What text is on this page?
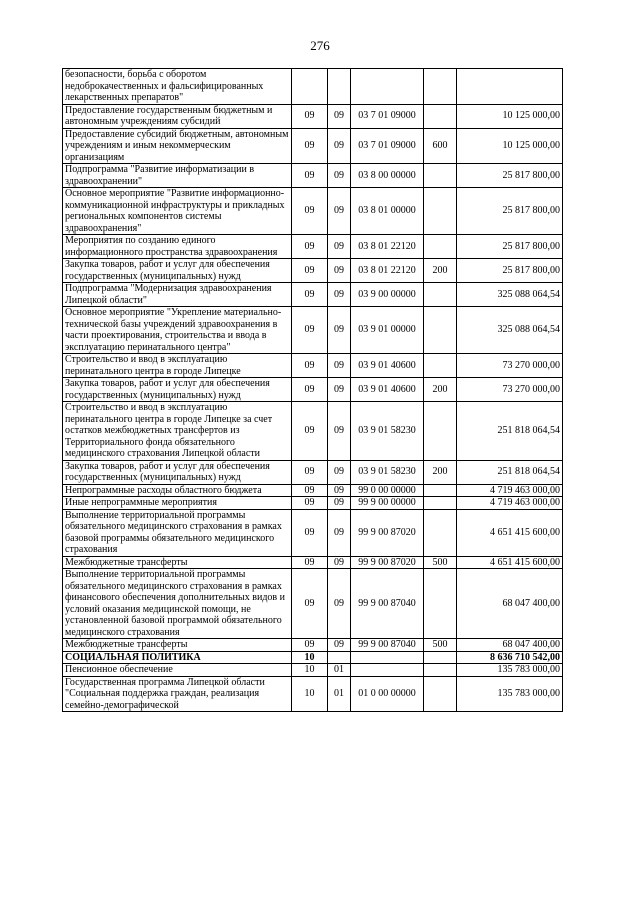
276
безопасности, борьба с оборотом недоброкачественных и фальсифицированных лекарственных препаратов"					
Предоставление государственным бюджетным и автономным учреждениям субсидий	09	09	03 7 01 09000		10 125 000,00
Предоставление субсидий бюджетным, автономным учреждениям и иным некоммерческим организациям	09	09	03 7 01 09000	600	10 125 000,00
Подпрограмма "Развитие информатизации в здравоохранении"	09	09	03 8 00 00000		25 817 800,00
Основное мероприятие "Развитие информационно-коммуникационной инфраструктуры и прикладных региональных компонентов системы здравоохранения"	09	09	03 8 01 00000		25 817 800,00
Мероприятия по созданию единого информационного пространства здравоохранения	09	09	03 8 01 22120		25 817 800,00
Закупка товаров, работ и услуг для обеспечения государственных (муниципальных) нужд	09	09	03 8 01 22120	200	25 817 800,00
Подпрограмма "Модернизация здравоохранения Липецкой области"	09	09	03 9 00 00000		325 088 064,54
Основное мероприятие "Укрепление материально-технической базы учреждений здравоохранения в части проектирования, строительства и ввода в эксплуатацию перинатального центра"	09	09	03 9 01 00000		325 088 064,54
Строительство и ввод в эксплуатацию перинатального центра в городе Липецке	09	09	03 9 01 40600		73 270 000,00
Закупка товаров, работ и услуг для обеспечения государственных (муниципальных) нужд	09	09	03 9 01 40600	200	73 270 000,00
Строительство и ввод в эксплуатацию перинатального центра в городе Липецке за счет остатков межбюджетных трансфертов из Территориального фонда обязательного медицинского страхования Липецкой области	09	09	03 9 01 58230		251 818 064,54
Закупка товаров, работ и услуг для обеспечения государственных (муниципальных) нужд	09	09	03 9 01 58230	200	251 818 064,54
Непрограммные расходы областного бюджета	09	09	99 0 00 00000		4 719 463 000,00
Иные непрограммные мероприятия	09	09	99 9 00 00000		4 719 463 000,00
Выполнение территориальной программы обязательного медицинского страхования в рамках базовой программы обязательного медицинского страхования	09	09	99 9 00 87020		4 651 415 600,00
Межбюджетные трансферты	09	09	99 9 00 87020	500	4 651 415 600,00
Выполнение территориальной программы обязательного медицинского страхования в рамках финансового обеспечения дополнительных видов и условий оказания медицинской помощи, не установленной базовой программой обязательного медицинского страхования	09	09	99 9 00 87040		68 047 400,00
Межбюджетные трансферты	09	09	99 9 00 87040	500	68 047 400,00
СОЦИАЛЬНАЯ ПОЛИТИКА	10				8 636 710 542,00
Пенсионное обеспечение	10	01			135 783 000,00
Государственная программа Липецкой области "Социальная поддержка граждан, реализация семейно-демографической	10	01	01 0 00 00000		135 783 000,00
